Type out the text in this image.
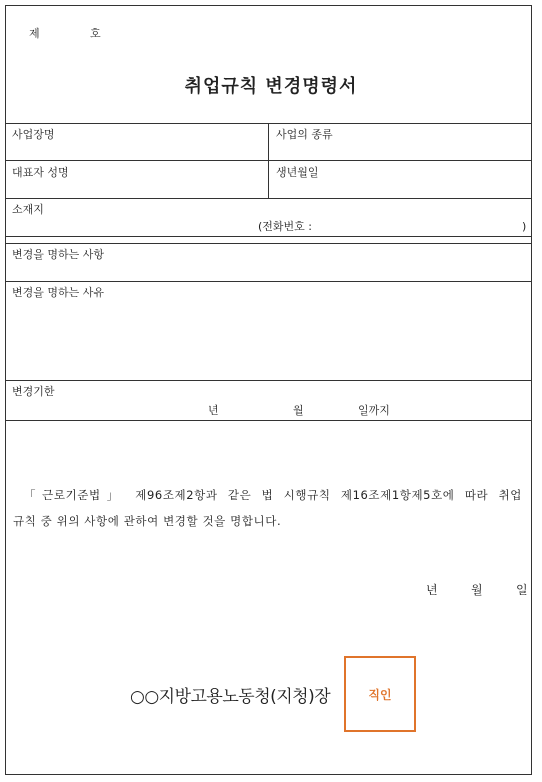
제	호
취업규칙 변경명령서
사업장명	사업의 종류
대표자 성명	생년월일
소재지
(전화번호 :	)
변경을 명하는 사항
변경을 명하는 사유
변경기한
년	월	일까지
「근로기준법」 제96조제2항과 같은 법 시행규칙 제16조제1항제5호에 따라 취업
규칙 중 위의 사항에 관하여 변경할 것을 명합니다.
년	월	일
○○지방고용노동청(지청)장	직인
